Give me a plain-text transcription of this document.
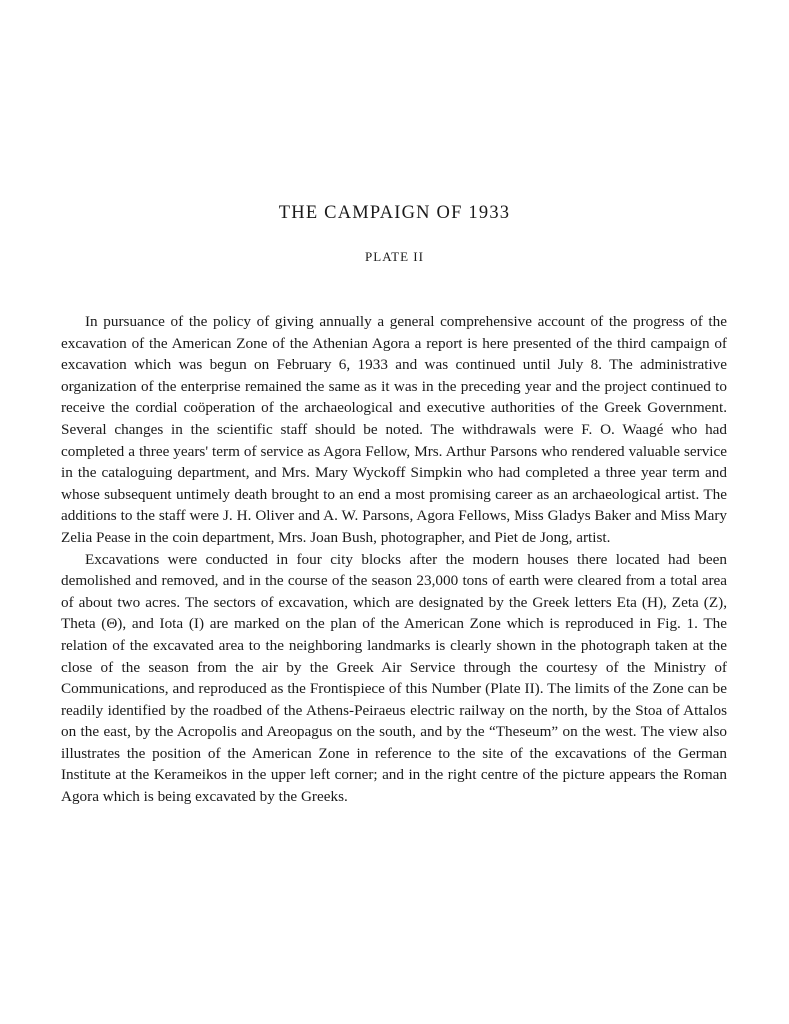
THE CAMPAIGN OF 1933
PLATE II

In pursuance of the policy of giving annually a general comprehensive account of the progress of the excavation of the American Zone of the Athenian Agora a report is here presented of the third campaign of excavation which was begun on February 6, 1933 and was continued until July 8. The administrative organization of the enterprise remained the same as it was in the preceding year and the project continued to receive the cordial coöperation of the archaeological and executive authorities of the Greek Government. Several changes in the scientific staff should be noted. The withdrawals were F. O. Waagé who had completed a three years' term of service as Agora Fellow, Mrs. Arthur Parsons who rendered valuable service in the cataloguing department, and Mrs. Mary Wyckoff Simpkin who had completed a three year term and whose subsequent untimely death brought to an end a most promising career as an archaeological artist. The additions to the staff were J. H. Oliver and A. W. Parsons, Agora Fellows, Miss Gladys Baker and Miss Mary Zelia Pease in the coin department, Mrs. Joan Bush, photographer, and Piet de Jong, artist.

Excavations were conducted in four city blocks after the modern houses there located had been demolished and removed, and in the course of the season 23,000 tons of earth were cleared from a total area of about two acres. The sectors of excavation, which are designated by the Greek letters Eta (H), Zeta (Z), Theta (Θ), and Iota (I) are marked on the plan of the American Zone which is reproduced in Fig. 1. The relation of the excavated area to the neighboring landmarks is clearly shown in the photograph taken at the close of the season from the air by the Greek Air Service through the courtesy of the Ministry of Communications, and reproduced as the Frontispiece of this Number (Plate II). The limits of the Zone can be readily identified by the roadbed of the Athens-Peiraeus electric railway on the north, by the Stoa of Attalos on the east, by the Acropolis and Areopagus on the south, and by the “Theseum” on the west. The view also illustrates the position of the American Zone in reference to the site of the excavations of the German Institute at the Kerameikos in the upper left corner; and in the right centre of the picture appears the Roman Agora which is being excavated by the Greeks.
